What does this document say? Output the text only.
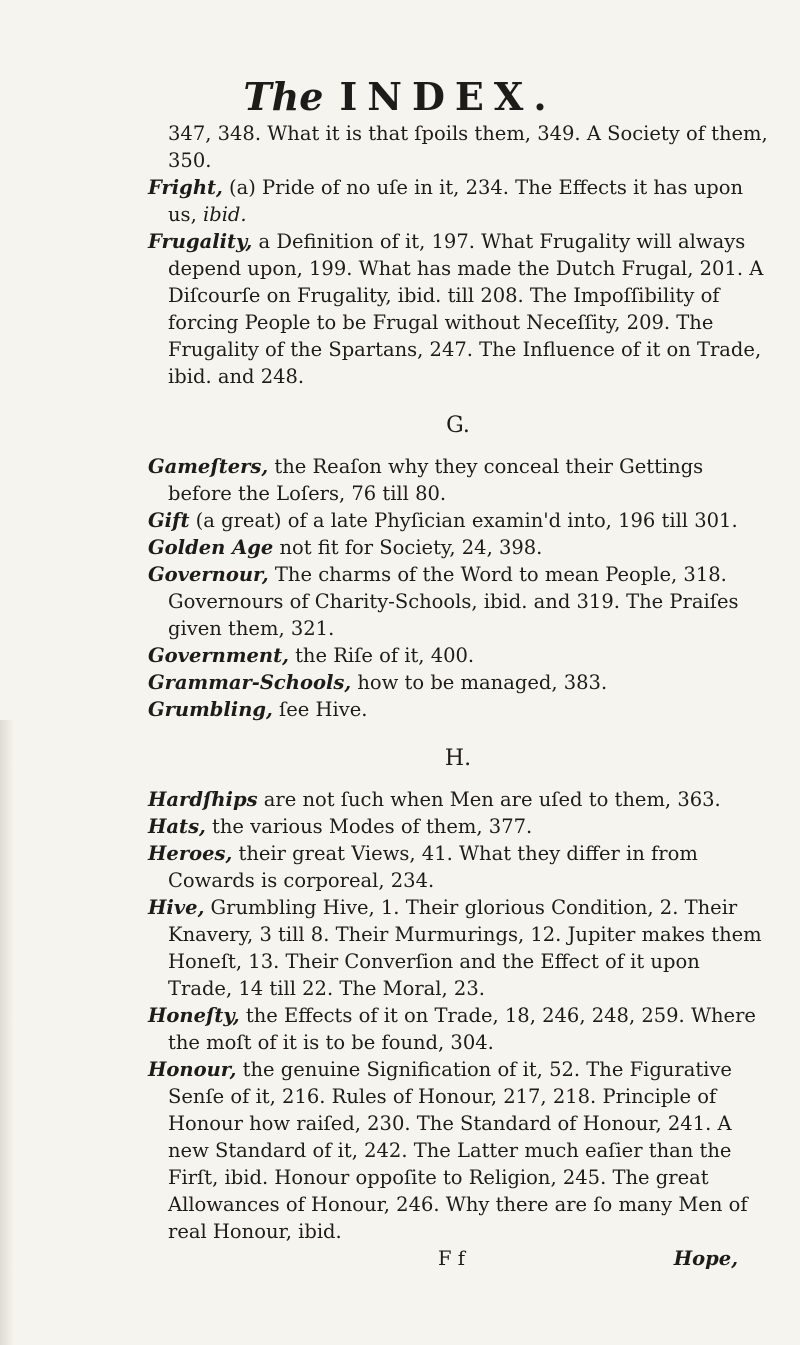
The INDEX.

347, 348. What it is that ſpoils them, 349. A Society of them, 350.

Fright, (a) Pride of no uſe in it, 234. The Effects it has upon us, ibid.

Frugality, a Definition of it, 197. What Frugality will always depend upon, 199. What has made the Dutch Frugal, 201. A Diſcourſe on Frugality, ibid. till 208. The Impoſſibility of forcing People to be Frugal without Neceſſity, 209. The Frugality of the Spartans, 247. The Influence of it on Trade, ibid. and 248.

G.

Gameſters, the Reaſon why they conceal their Gettings before the Loſers, 76 till 80.

Gift (a great) of a late Phyſician examin'd into, 196 till 301.

Golden Age not fit for Society, 24, 398.

Governour, The charms of the Word to mean People, 318. Governours of Charity-Schools, ibid. and 319. The Praiſes given them, 321.

Government, the Riſe of it, 400.

Grammar-Schools, how to be managed, 383.

Grumbling, ſee Hive.

H.

Hardſhips are not ſuch when Men are uſed to them, 363.

Hats, the various Modes of them, 377.

Heroes, their great Views, 41. What they differ in from Cowards is corporeal, 234.

Hive, Grumbling Hive, 1. Their glorious Condition, 2. Their Knavery, 3 till 8. Their Murmurings, 12. Jupiter makes them Honeſt, 13. Their Converſion and the Effect of it upon Trade, 14 till 22. The Moral, 23.

Honeſty, the Effects of it on Trade, 18, 246, 248, 259. Where the moſt of it is to be found, 304.

Honour, the genuine Signification of it, 52. The Figurative Senſe of it, 216. Rules of Honour, 217, 218. Principle of Honour how raiſed, 230. The Standard of Honour, 241. A new Standard of it, 242. The Latter much eaſier than the Firſt, ibid. Honour oppoſite to Religion, 245. The great Allowances of Honour, 246. Why there are ſo many Men of real Honour, ibid.

F f	Hope,
